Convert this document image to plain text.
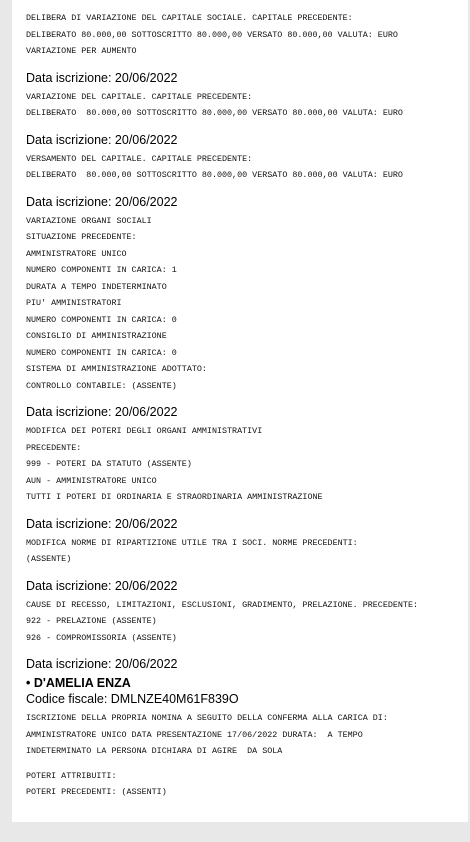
DELIBERA DI VARIAZIONE DEL CAPITALE SOCIALE. CAPITALE PRECEDENTE:
DELIBERATO 80.000,00 SOTTOSCRITTO 80.000,00 VERSATO 80.000,00 VALUTA: EURO
VARIAZIONE PER AUMENTO
Data iscrizione: 20/06/2022
VARIAZIONE DEL CAPITALE. CAPITALE PRECEDENTE:
DELIBERATO  80.000,00 SOTTOSCRITTO 80.000,00 VERSATO 80.000,00 VALUTA: EURO
Data iscrizione: 20/06/2022
VERSAMENTO DEL CAPITALE. CAPITALE PRECEDENTE:
DELIBERATO  80.000,00 SOTTOSCRITTO 80.000,00 VERSATO 80.000,00 VALUTA: EURO
Data iscrizione: 20/06/2022
VARIAZIONE ORGANI SOCIALI
SITUAZIONE PRECEDENTE:
AMMINISTRATORE UNICO
NUMERO COMPONENTI IN CARICA: 1
DURATA A TEMPO INDETERMINATO
PIU' AMMINISTRATORI
NUMERO COMPONENTI IN CARICA: 0
CONSIGLIO DI AMMINISTRAZIONE
NUMERO COMPONENTI IN CARICA: 0
SISTEMA DI AMMINISTRAZIONE ADOTTATO:
CONTROLLO CONTABILE: (ASSENTE)
Data iscrizione: 20/06/2022
MODIFICA DEI POTERI DEGLI ORGANI AMMINISTRATIVI
PRECEDENTE:
999 - POTERI DA STATUTO (ASSENTE)
AUN - AMMINISTRATORE UNICO
TUTTI I POTERI DI ORDINARIA E STRAORDINARIA AMMINISTRAZIONE
Data iscrizione: 20/06/2022
MODIFICA NORME DI RIPARTIZIONE UTILE TRA I SOCI. NORME PRECEDENTI:
(ASSENTE)
Data iscrizione: 20/06/2022
CAUSE DI RECESSO, LIMITAZIONI, ESCLUSIONI, GRADIMENTO, PRELAZIONE. PRECEDENTE:
922 - PRELAZIONE (ASSENTE)
926 - COMPROMISSORIA (ASSENTE)
Data iscrizione: 20/06/2022
• D'AMELIA ENZA
Codice fiscale: DMLNZE40M61F839O
ISCRIZIONE DELLA PROPRIA NOMINA A SEGUITO DELLA CONFERMA ALLA CARICA DI:
AMMINISTRATORE UNICO DATA PRESENTAZIONE 17/06/2022 DURATA:  A TEMPO
INDETERMINATO LA PERSONA DICHIARA DI AGIRE  DA SOLA
POTERI ATTRIBUITI:
POTERI PRECEDENTI: (ASSENTI)
